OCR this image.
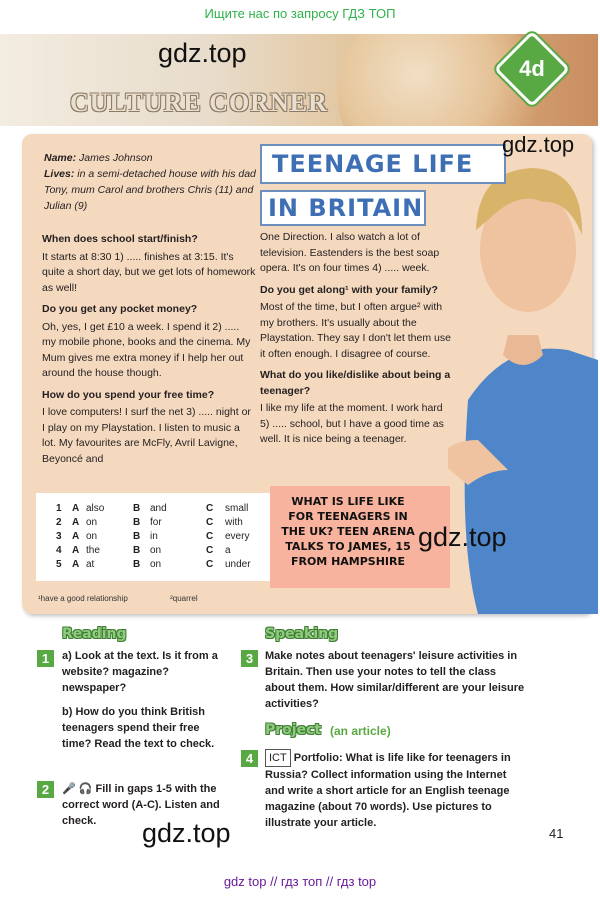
Ищите нас по запросу ГДЗ ТОП
CULTURE CORNER
4d

Name: James Johnson

Lives: in a semi-detached house with his dad Tony, mum Carol and brothers Chris (11) and Julian (9)

When does school start/finish?

It starts at 8:30 1) ..... finishes at 3:15. It's quite a short day, but we get lots of homework as well!

Do you get any pocket money?

Oh, yes, I get £10 a week. I spend it 2) ..... my mobile phone, books and the cinema. My Mum gives me extra money if I help her out around the house though.

How do you spend your free time?

I love computers! I surf the net 3) ..... night or I play on my Playstation. I listen to music a lot. My favourites are McFly, Avril Lavigne, Beyoncé and

TEENAGE LIFE
IN BRITAIN

One Direction. I also watch a lot of television. Eastenders is the best soap opera. It's on four times 4) ..... week.

Do you get along¹ with your family?

Most of the time, but I often argue² with my brothers. It's usually about the Playstation. They say I don't let them use it often enough. I disagree of course.

What do you like/dislike about being a teenager?

I like my life at the moment. I work hard 5) ..... school, but I have a good time as well. It is nice being a teenager.

1 A also	B and	C small
2 A on	B for	C with
3 A on	B in	C every
4 A the	B on	C a
5 A at	B on	C under
WHAT IS LIFE LIKE FOR TEENAGERS IN THE UK? TEEN ARENA TALKS TO JAMES, 15 FROM HAMPSHIRE
¹have a good relationship	²quarrel
gdz.top
gdz.top
gdz.top
gdz.top
Reading	Speaking
Project (an article)
1	a) Look at the text. Is it from a website? magazine? newspaper?

b) How do you think British teenagers spend their free time? Read the text to check.

2	🎤 🎧 Fill in gaps 1-5 with the correct word (A-C). Listen and check.

3	Make notes about teenagers' leisure activities in Britain. Then use your notes to tell the class about them. How similar/different are your leisure activities?

4	ICT Portfolio: What is life like for teenagers in Russia? Collect information using the Internet and write a short article for an English teenage magazine (about 70 words). Use pictures to illustrate your article.

41
gdz top // гдз топ // гдз top
